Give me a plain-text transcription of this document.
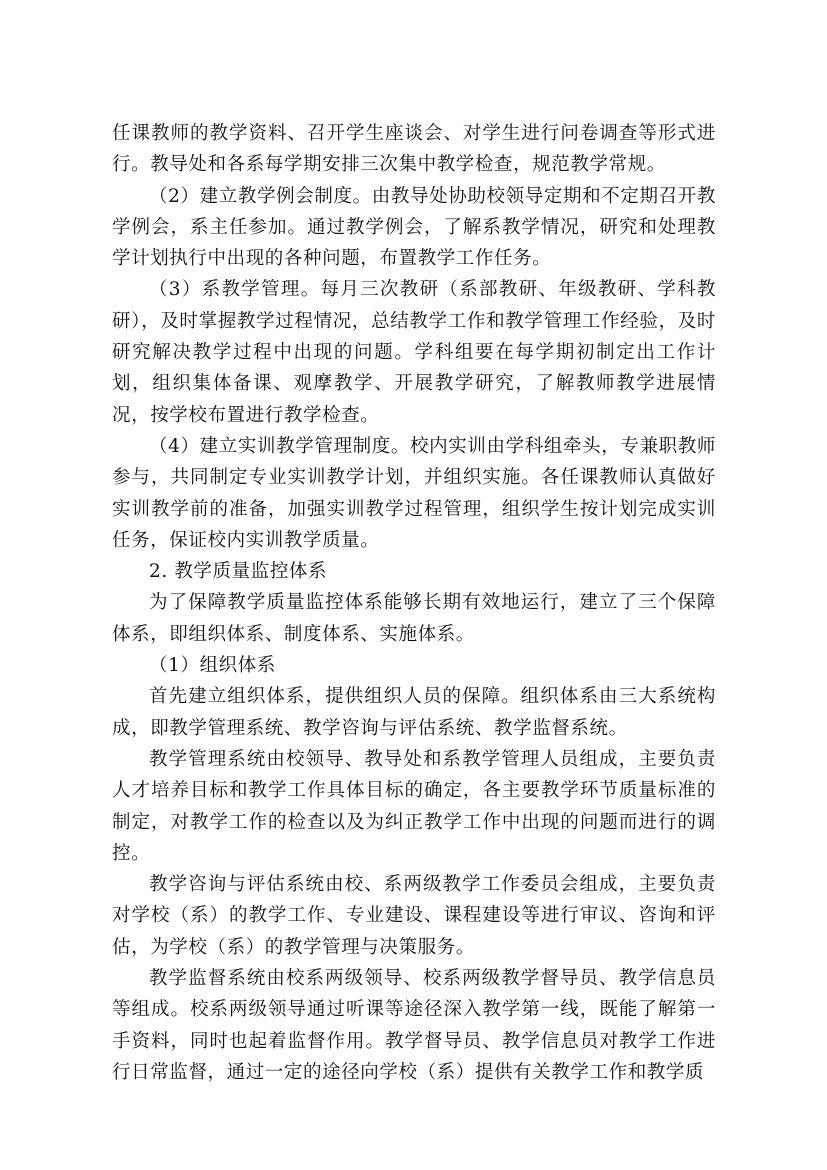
任课教师的教学资料、召开学生座谈会、对学生进行问卷调查等形式进行。教导处和各系每学期安排三次集中教学检查，规范教学常规。

（2）建立教学例会制度。由教导处协助校领导定期和不定期召开教学例会，系主任参加。通过教学例会，了解系教学情况，研究和处理教学计划执行中出现的各种问题，布置教学工作任务。

（3）系教学管理。每月三次教研（系部教研、年级教研、学科教研），及时掌握教学过程情况，总结教学工作和教学管理工作经验，及时研究解决教学过程中出现的问题。学科组要在每学期初制定出工作计划，组织集体备课、观摩教学、开展教学研究，了解教师教学进展情况，按学校布置进行教学检查。

（4）建立实训教学管理制度。校内实训由学科组牵头，专兼职教师参与，共同制定专业实训教学计划，并组织实施。各任课教师认真做好实训教学前的准备，加强实训教学过程管理，组织学生按计划完成实训任务，保证校内实训教学质量。

2. 教学质量监控体系

为了保障教学质量监控体系能够长期有效地运行，建立了三个保障体系，即组织体系、制度体系、实施体系。

（1）组织体系

首先建立组织体系，提供组织人员的保障。组织体系由三大系统构成，即教学管理系统、教学咨询与评估系统、教学监督系统。

教学管理系统由校领导、教导处和系教学管理人员组成，主要负责人才培养目标和教学工作具体目标的确定，各主要教学环节质量标准的制定，对教学工作的检查以及为纠正教学工作中出现的问题而进行的调控。

教学咨询与评估系统由校、系两级教学工作委员会组成，主要负责对学校（系）的教学工作、专业建设、课程建设等进行审议、咨询和评估，为学校（系）的教学管理与决策服务。

教学监督系统由校系两级领导、校系两级教学督导员、教学信息员等组成。校系两级领导通过听课等途径深入教学第一线，既能了解第一手资料，同时也起着监督作用。教学督导员、教学信息员对教学工作进行日常监督，通过一定的途径向学校（系）提供有关教学工作和教学质
